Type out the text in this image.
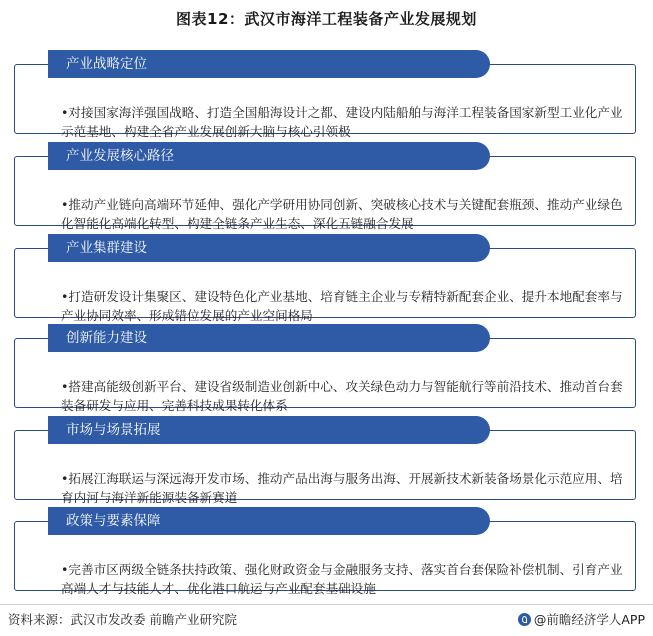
图表12：武汉市海洋工程装备产业发展规划
•对接国家海洋强国战略、打造全国船海设计之都、建设内陆船舶与海洋工程装备国家新型工业化产业示范基地、构建全省产业发展创新大脑与核心引领极
产业战略定位
•推动产业链向高端环节延伸、强化产学研用协同创新、突破核心技术与关键配套瓶颈、推动产业绿色化智能化高端化转型、构建全链条产业生态、深化五链融合发展
产业发展核心路径
•打造研发设计集聚区、建设特色化产业基地、培育链主企业与专精特新配套企业、提升本地配套率与产业协同效率、形成错位发展的产业空间格局
产业集群建设
•搭建高能级创新平台、建设省级制造业创新中心、攻关绿色动力与智能航行等前沿技术、推动首台套装备研发与应用、完善科技成果转化体系
创新能力建设
•拓展江海联运与深远海开发市场、推动产品出海与服务出海、开展新技术新装备场景化示范应用、培育内河与海洋新能源装备新赛道
市场与场景拓展
•完善市区两级全链条扶持政策、强化财政资金与金融服务支持、落实首台套保险补偿机制、引育产业高端人才与技能人才、优化港口航运与产业配套基础设施
政策与要素保障
资料来源：武汉市发改委 前瞻产业研究院	@前瞻经济学人APP
